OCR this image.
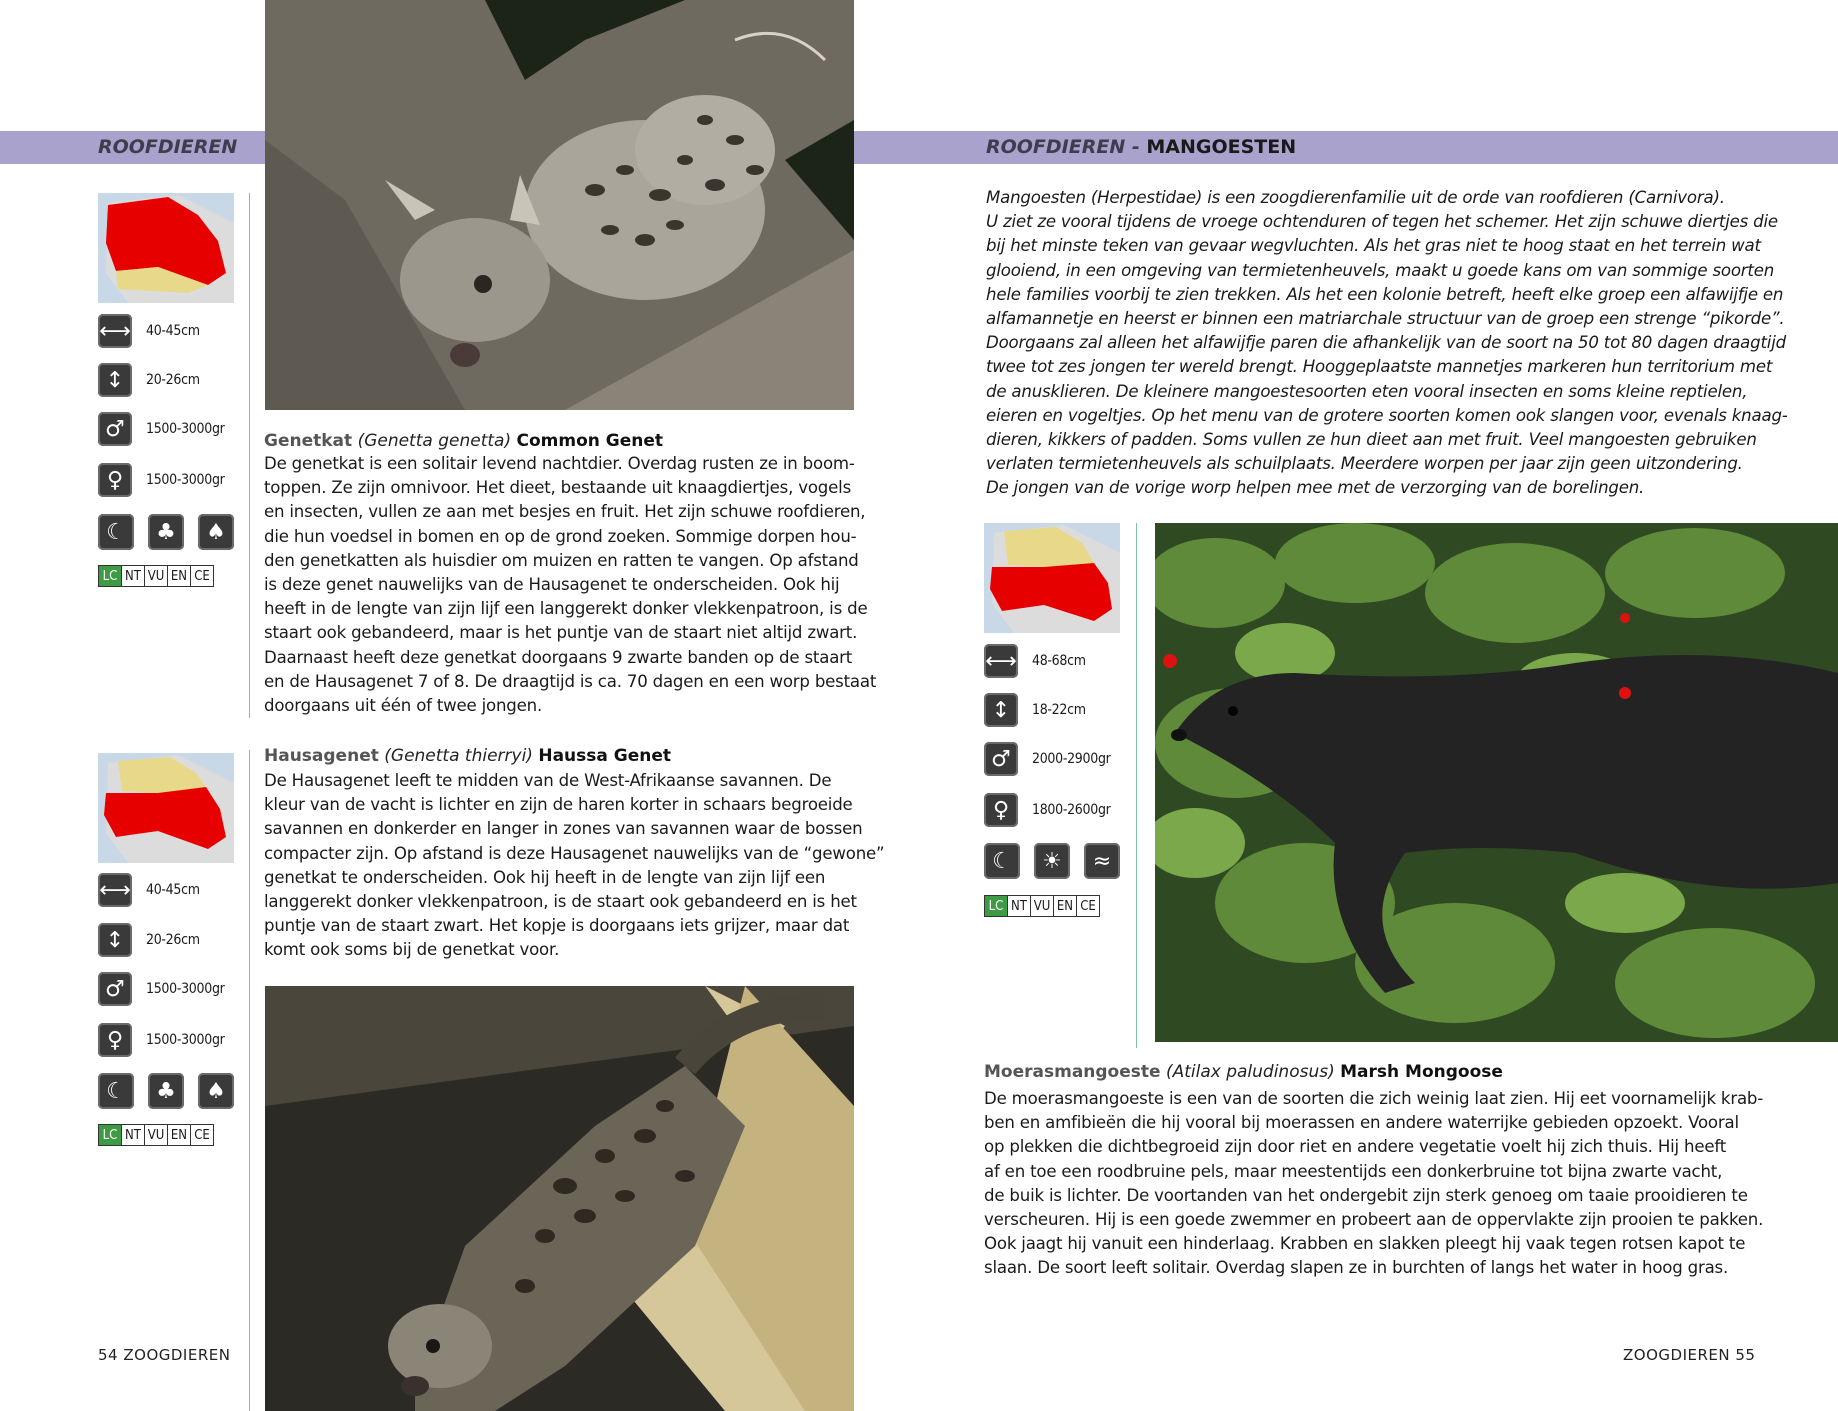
ROOFDIEREN
⟷ 40-45cm
↕	20-26cm
♂	1500-3000gr
♀	1500-3000gr
☾	♣	♠
LC NT VU EN CE
Genetkat (Genetta genetta) Common Genet
De genetkat is een solitair levend nachtdier. Overdag rusten ze in boom-
toppen. Ze zijn omnivoor. Het dieet, bestaande uit knaagdiertjes, vogels
en insecten, vullen ze aan met besjes en fruit. Het zijn schuwe roofdieren,
die hun voedsel in bomen en op de grond zoeken. Sommige dorpen hou-
den genetkatten als huisdier om muizen en ratten te vangen. Op afstand
is deze genet nauwelijks van de Hausagenet te onderscheiden. Ook hij
heeft in de lengte van zijn lijf een langgerekt donker vlekkenpatroon, is de
staart ook gebandeerd, maar is het puntje van de staart niet altijd zwart.
Daarnaast heeft deze genetkat doorgaans 9 zwarte banden op de staart
en de Hausagenet 7 of 8. De draagtijd is ca. 70 dagen en een worp bestaat
doorgaans uit één of twee jongen.
⟷ 40-45cm
↕	20-26cm
♂	1500-3000gr
♀	1500-3000gr
☾	♣	♠
LC NT VU EN CE
Hausagenet (Genetta thierryi) Haussa Genet
De Hausagenet leeft te midden van de West-Afrikaanse savannen. De
kleur van de vacht is lichter en zijn de haren korter in schaars begroeide
savannen en donkerder en langer in zones van savannen waar de bossen
compacter zijn. Op afstand is deze Hausagenet nauwelijks van de “gewone”
genetkat te onderscheiden. Ook hij heeft in de lengte van zijn lijf een
langgerekt donker vlekkenpatroon, is de staart ook gebandeerd en is het
puntje van de staart zwart. Het kopje is doorgaans iets grijzer, maar dat
komt ook soms bij de genetkat voor.
54 ZOOGDIEREN
ROOFDIEREN - MANGOESTEN
Mangoesten (Herpestidae) is een zoogdierenfamilie uit de orde van roofdieren (Carnivora).
U ziet ze vooral tijdens de vroege ochtenduren of tegen het schemer. Het zijn schuwe diertjes die
bij het minste teken van gevaar wegvluchten. Als het gras niet te hoog staat en het terrein wat
glooiend, in een omgeving van termietenheuvels, maakt u goede kans om van sommige soorten
hele families voorbij te zien trekken. Als het een kolonie betreft, heeft elke groep een alfawijfje en
alfamannetje en heerst er binnen een matriarchale structuur van de groep een strenge “pikorde”.
Doorgaans zal alleen het alfawijfje paren die afhankelijk van de soort na 50 tot 80 dagen draagtijd
twee tot zes jongen ter wereld brengt. Hooggeplaatste mannetjes markeren hun territorium met
de anusklieren. De kleinere mangoestesoorten eten vooral insecten en soms kleine reptielen,
eieren en vogeltjes. Op het menu van de grotere soorten komen ook slangen voor, evenals knaag-
dieren, kikkers of padden. Soms vullen ze hun dieet aan met fruit. Veel mangoesten gebruiken
verlaten termietenheuvels als schuilplaats. Meerdere worpen per jaar zijn geen uitzondering.
De jongen van de vorige worp helpen mee met de verzorging van de borelingen.
⟷ 48-68cm
↕	18-22cm
♂	2000-2900gr
♀	1800-2600gr
☾	☀	≈
LC NT VU EN CE
Moerasmangoeste (Atilax paludinosus) Marsh Mongoose
De moerasmangoeste is een van de soorten die zich weinig laat zien. Hij eet voornamelijk krab-
ben en amfibieën die hij vooral bij moerassen en andere waterrijke gebieden opzoekt. Vooral
op plekken die dichtbegroeid zijn door riet en andere vegetatie voelt hij zich thuis. Hij heeft
af en toe een roodbruine pels, maar meestentijds een donkerbruine tot bijna zwarte vacht,
de buik is lichter. De voortanden van het ondergebit zijn sterk genoeg om taaie prooidieren te
verscheuren. Hij is een goede zwemmer en probeert aan de oppervlakte zijn prooien te pakken.
Ook jaagt hij vanuit een hinderlaag. Krabben en slakken pleegt hij vaak tegen rotsen kapot te
slaan. De soort leeft solitair. Overdag slapen ze in burchten of langs het water in hoog gras.
ZOOGDIEREN 55
